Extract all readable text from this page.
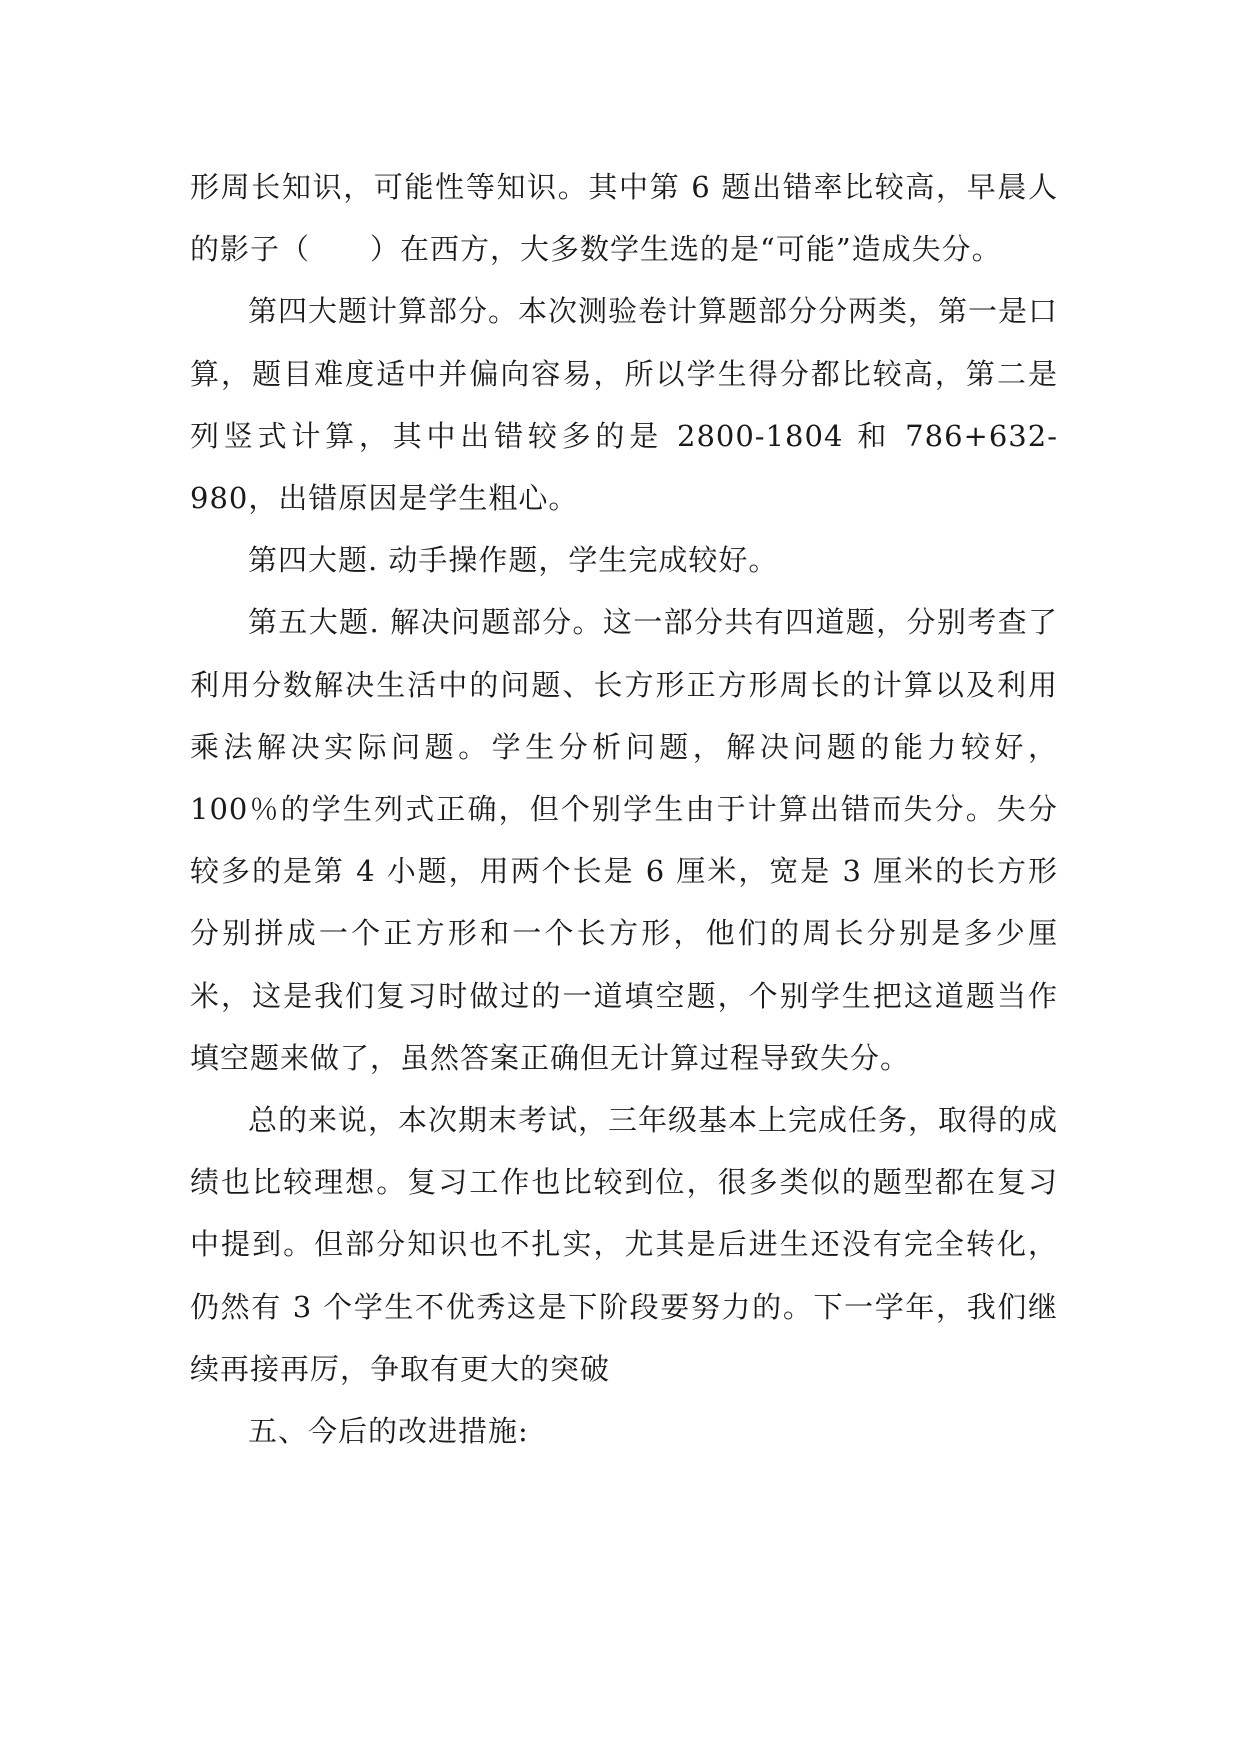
形周长知识，可能性等知识。其中第 6 题出错率比较高，早晨人的影子（　　）在西方，大多数学生选的是“可能”造成失分。

第四大题计算部分。本次测验卷计算题部分分两类，第一是口算，题目难度适中并偏向容易，所以学生得分都比较高，第二是列竖式计算，其中出错较多的是 2800-1804 和 786+632-980，出错原因是学生粗心。

第四大题. 动手操作题，学生完成较好。

第五大题. 解决问题部分。这一部分共有四道题，分别考查了利用分数解决生活中的问题、长方形正方形周长的计算以及利用乘法解决实际问题。学生分析问题，解决问题的能力较好，100％的学生列式正确，但个别学生由于计算出错而失分。失分较多的是第 4 小题，用两个长是 6 厘米，宽是 3 厘米的长方形分别拼成一个正方形和一个长方形，他们的周长分别是多少厘米，这是我们复习时做过的一道填空题，个别学生把这道题当作填空题来做了，虽然答案正确但无计算过程导致失分。

总的来说，本次期末考试，三年级基本上完成任务，取得的成绩也比较理想。复习工作也比较到位，很多类似的题型都在复习中提到。但部分知识也不扎实，尤其是后进生还没有完全转化，仍然有 3 个学生不优秀这是下阶段要努力的。下一学年，我们继续再接再厉，争取有更大的突破

五、今后的改进措施:
